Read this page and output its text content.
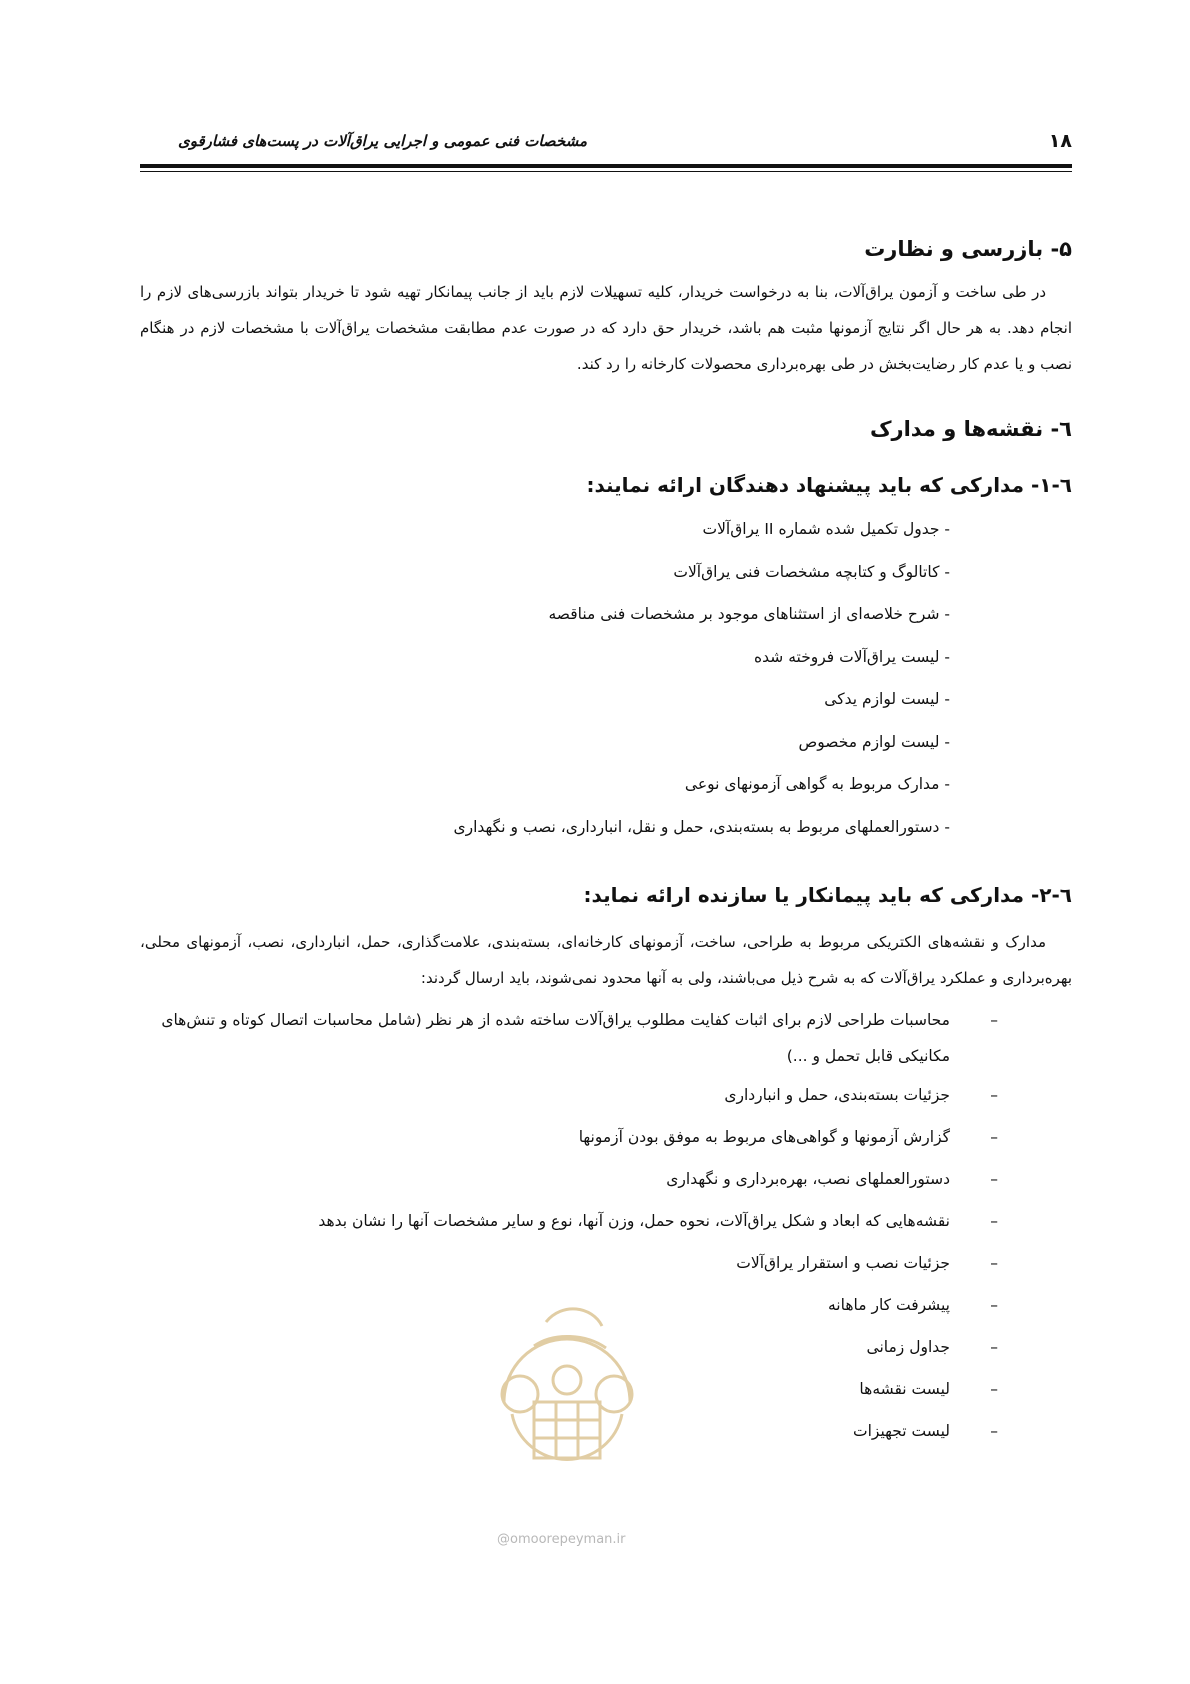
۱۸
مشخصات فنی عمومی و اجرایی یراق‌آلات در پست‌های فشارقوی
۵- بازرسی و نظارت

در طی ساخت و آزمون یراق‌آلات، بنا به درخواست خریدار، کلیه تسهیلات لازم باید از جانب پیمانکار تهیه شود تا خریدار بتواند بازرسی‌های لازم را انجام دهد. به هر حال اگر نتایج آزمونها مثبت هم باشد، خریدار حق دارد که در صورت عدم مطابقت مشخصات یراق‌آلات با مشخصات لازم در هنگام نصب و یا عدم کار رضایت‌بخش در طی بهره‌برداری محصولات کارخانه را رد کند.

٦- نقشه‌ها و مدارک
٦-۱- مدارکی که باید پیشنهاد دهندگان ارائه نمایند:
- جدول تکمیل شده شماره II یراق‌آلات
- کاتالوگ و کتابچه مشخصات فنی یراق‌آلات
- شرح خلاصه‌ای از استثناهای موجود بر مشخصات فنی مناقصه
- لیست یراق‌آلات فروخته شده
- لیست لوازم یدکی
- لیست لوازم مخصوص
- مدارک مربوط به گواهی آزمونهای نوعی
- دستورالعملهای مربوط به بسته‌بندی، حمل و نقل، انبارداری، نصب و نگهداری
٦-۲- مدارکی که باید پیمانکار یا سازنده ارائه نماید:

مدارک و نقشه‌های الکتریکی مربوط به طراحی، ساخت، آزمونهای کارخانه‌ای، بسته‌بندی، علامت‌گذاری، حمل، انبارداری، نصب، آزمونهای محلی، بهره‌برداری و عملکرد یراق‌آلات که به شرح ذیل می‌باشند، ولی به آنها محدود نمی‌شوند، باید ارسال گردند:

–
محاسبات طراحی لازم برای اثبات کفایت مطلوب یراق‌آلات ساخته شده از هر نظر (شامل محاسبات اتصال کوتاه و تنش‌های مکانیکی قابل تحمل و ...)
–
جزئیات بسته‌بندی، حمل و انبارداری
–
گزارش آزمونها و گواهی‌های مربوط به موفق بودن آزمونها
–
دستورالعملهای نصب، بهره‌برداری و نگهداری
–
نقشه‌هایی که ابعاد و شکل یراق‌آلات، نحوه حمل، وزن آنها، نوع و سایر مشخصات آنها را نشان بدهد
–
جزئیات نصب و استقرار یراق‌آلات
–
پیشرفت کار ماهانه
–
جداول زمانی
–
لیست نقشه‌ها
–
لیست تجهیزات
@omoorepeyman.ir
